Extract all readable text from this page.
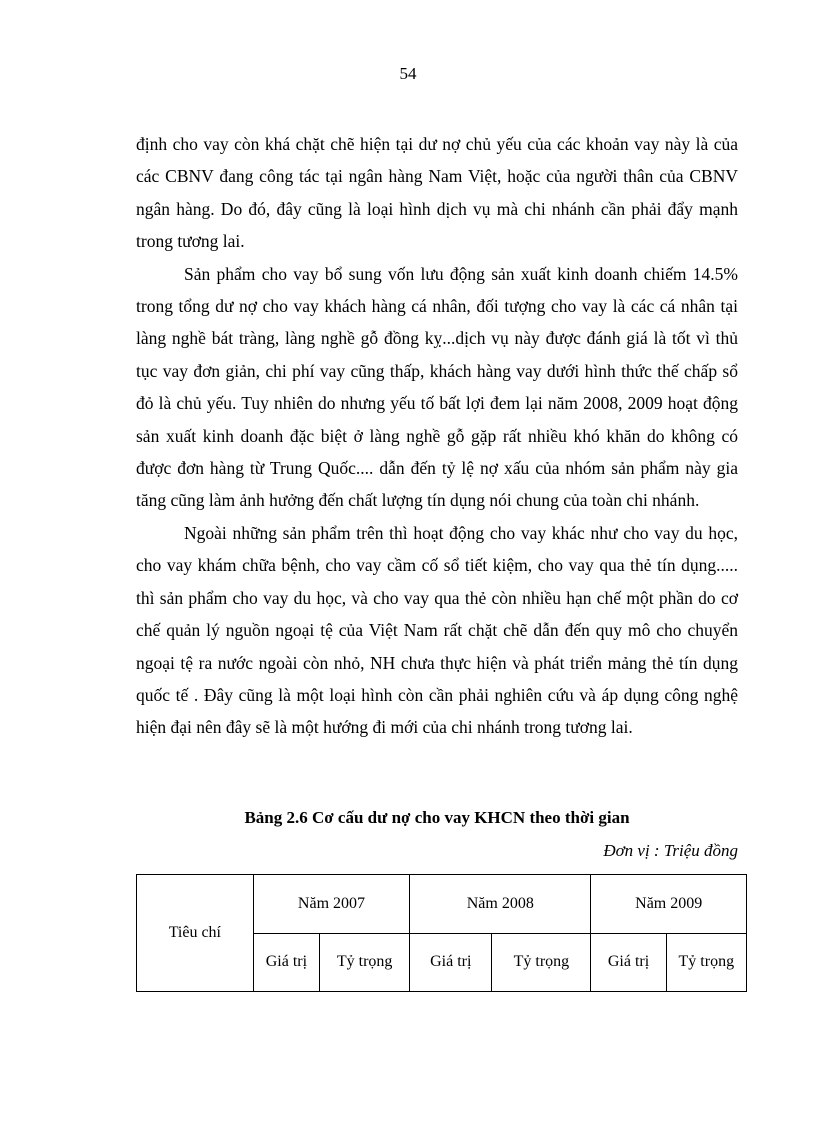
54

định cho vay còn khá chặt chẽ hiện tại dư nợ chủ yếu của các khoản vay này là của các CBNV đang công tác tại ngân hàng Nam Việt, hoặc của người thân của CBNV ngân hàng. Do đó, đây cũng là loại hình dịch vụ mà chi nhánh cần phải đẩy mạnh trong tương lai.

Sản phẩm cho vay bổ sung vốn lưu động sản xuất kinh doanh chiếm 14.5% trong tổng dư nợ cho vay khách hàng cá nhân, đối tượng cho vay là các cá nhân tại làng nghề bát tràng, làng nghề gỗ đồng kỵ...dịch vụ này được đánh giá là tốt vì thủ tục vay đơn giản, chi phí vay cũng thấp, khách hàng vay dưới hình thức thế chấp sổ đỏ là chủ yếu. Tuy nhiên do nhưng yếu tố bất lợi đem lại năm 2008, 2009 hoạt động sản xuất kinh doanh đặc biệt ở làng nghề gỗ gặp rất nhiều khó khăn do không có được đơn hàng từ Trung Quốc.... dẫn đến tỷ lệ nợ xấu của nhóm sản phẩm này gia tăng cũng làm ảnh hưởng đến chất lượng tín dụng nói chung của toàn chi nhánh.

Ngoài những sản phẩm trên thì hoạt động cho vay khác như cho vay du học, cho vay khám chữa bệnh, cho vay cầm cố sổ tiết kiệm, cho vay qua thẻ tín dụng..... thì sản phẩm cho vay du học, và cho vay qua thẻ còn nhiều hạn chế một phần do cơ chế quản lý nguồn ngoại tệ của Việt Nam rất chặt chẽ dẫn đến quy mô cho chuyển ngoại tệ ra nước ngoài còn nhỏ, NH chưa thực hiện và phát triển mảng thẻ tín dụng quốc tế . Đây cũng là một loại hình còn cần phải nghiên cứu và áp dụng công nghệ hiện đại nên đây sẽ là một hướng đi mới của chi nhánh trong tương lai.

Bảng 2.6 Cơ cấu dư nợ cho vay KHCN theo thời gian
Đơn vị : Triệu đồng
Tiêu chí	Năm 2007		Năm 2008		Năm 2009	
	Giá trị	Tỷ trọng	Giá trị	Tỷ trọng	Giá trị	Tỷ trọng
